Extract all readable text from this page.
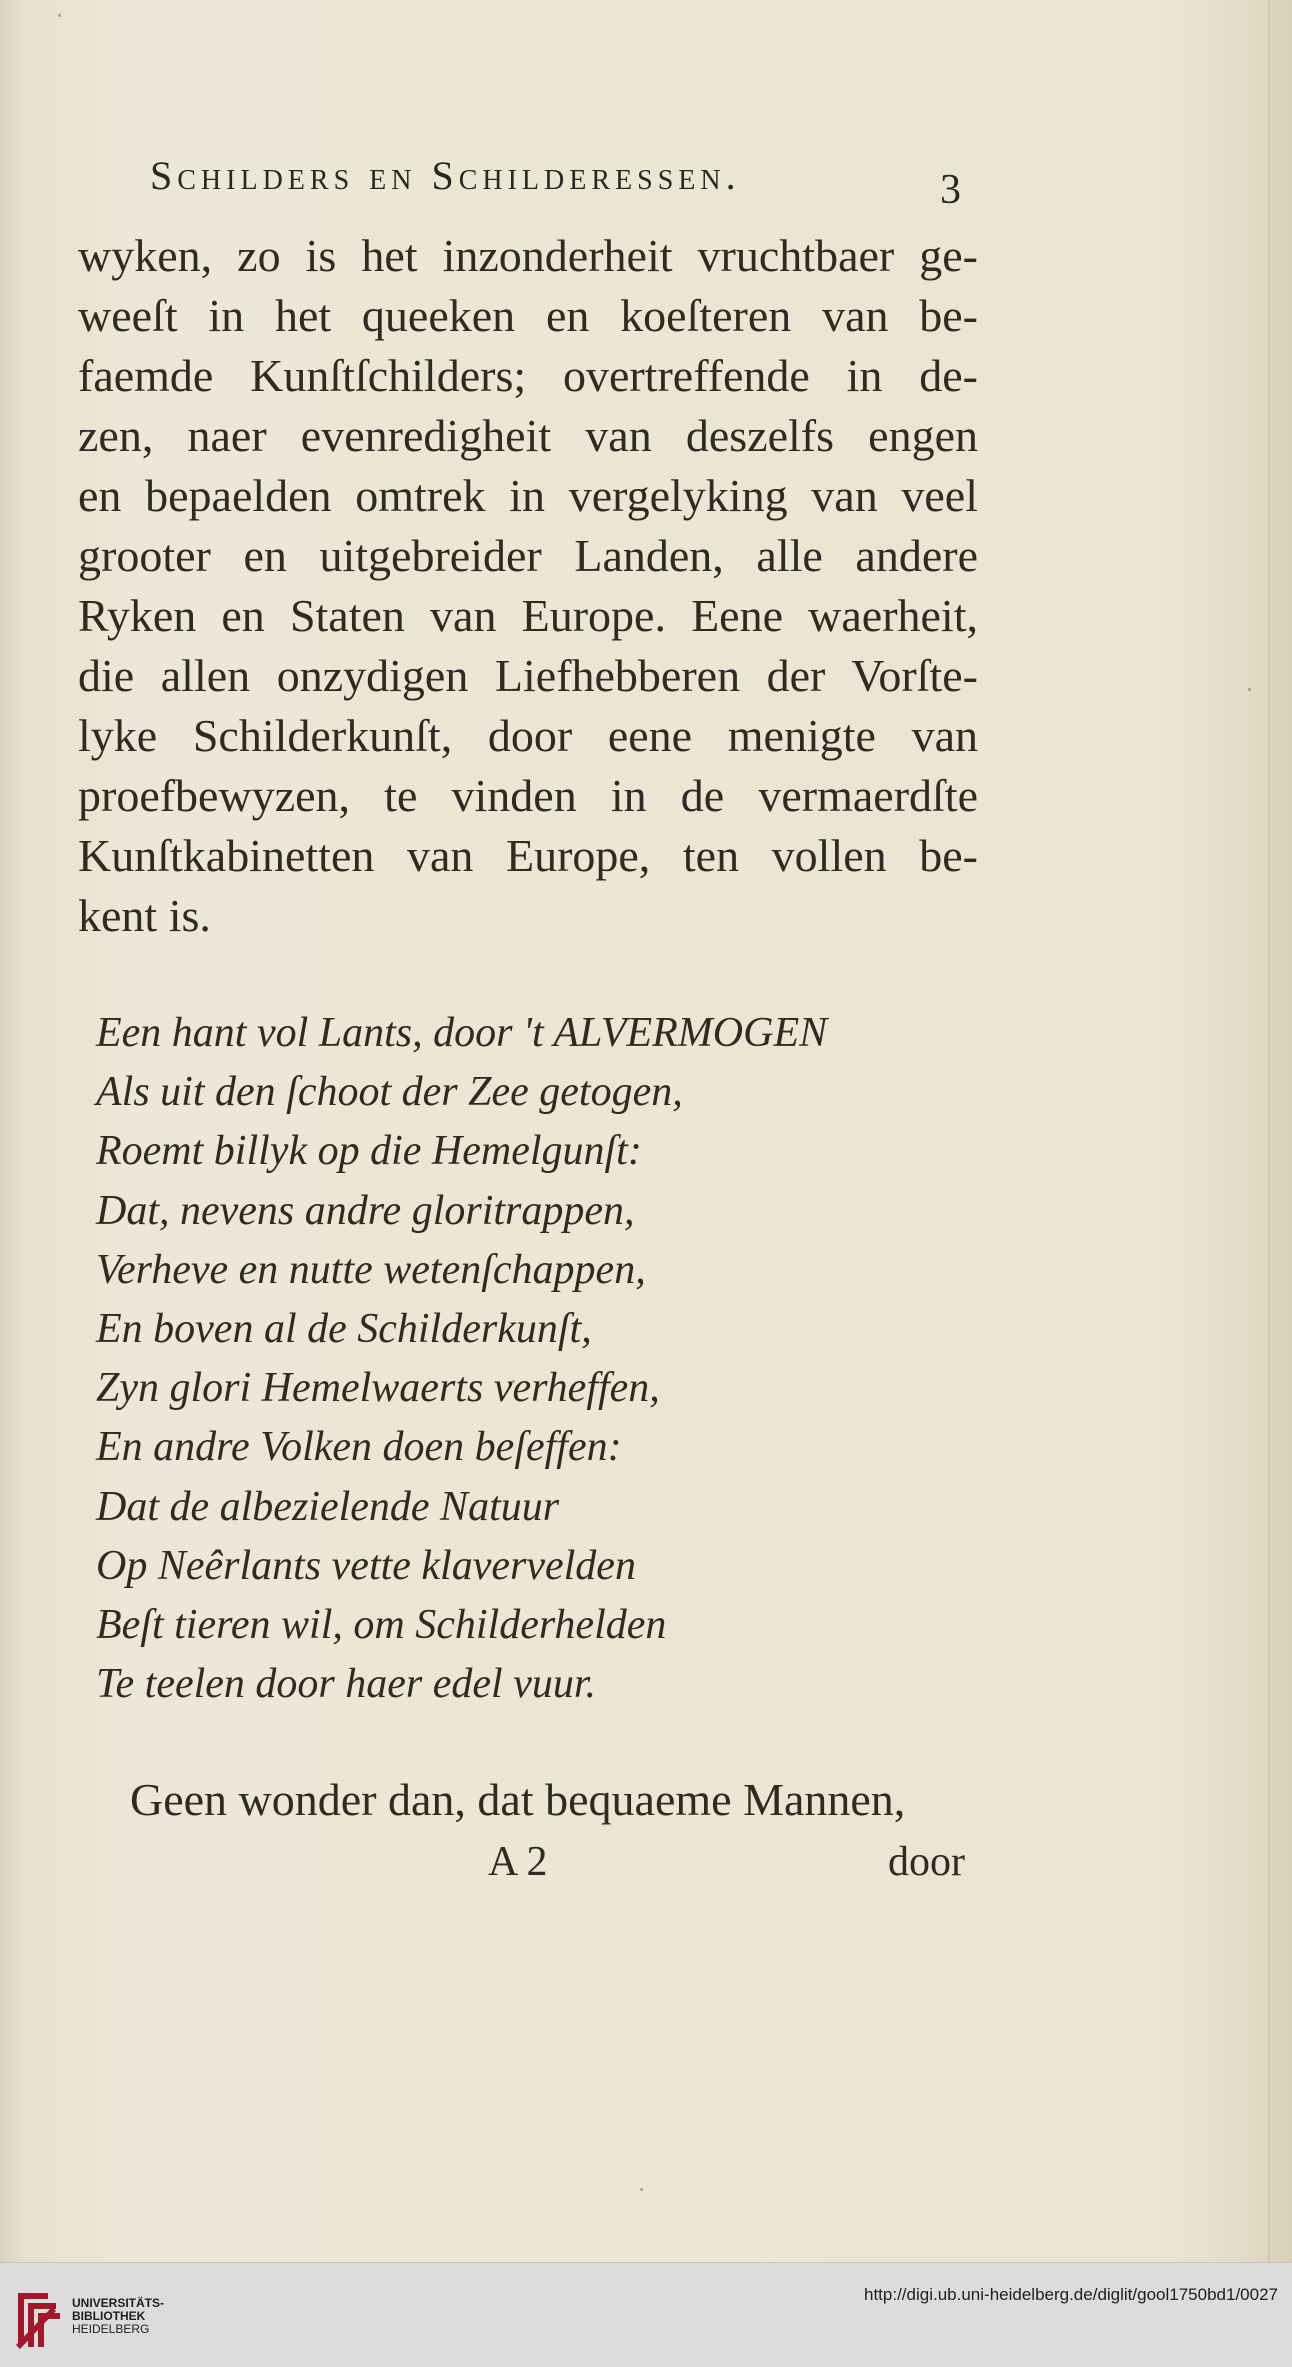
Schilders en Schilderessen.	3
wyken, zo is het inzonderheit vruchtbaer ge-
weeſt in het queeken en koeſteren van be-
faemde Kunſtſchilders; overtreffende in de-
zen, naer evenredigheit van deszelfs engen
en bepaelden omtrek in vergelyking van veel
grooter en uitgebreider Landen, alle andere
Ryken en Staten van Europe. Eene waerheit,
die allen onzydigen Liefhebberen der Vorſte-
lyke Schilderkunſt, door eene menigte van
proefbewyzen, te vinden in de vermaerdſte
Kunſtkabinetten van Europe, ten vollen be-
kent is.
Een hant vol Lants, door 't ALVERMOGEN
Als uit den ſchoot der Zee getogen,
Roemt billyk op die Hemelgunſt:
Dat, nevens andre gloritrappen,
Verheve en nutte wetenſchappen,
En boven al de Schilderkunſt,
Zyn glori Hemelwaerts verheffen,
En andre Volken doen beſeffen:
Dat de albezielende Natuur
Op Neêrlants vette klavervelden
Beſt tieren wil, om Schilderhelden
Te teelen door haer edel vuur.
Geen wonder dan, dat bequaeme Mannen,
A 2	door
UNIVERSITÄTS-
BIBLIOTHEK
HEIDELBERG
http://digi.ub.uni-heidelberg.de/diglit/gool1750bd1/0027
